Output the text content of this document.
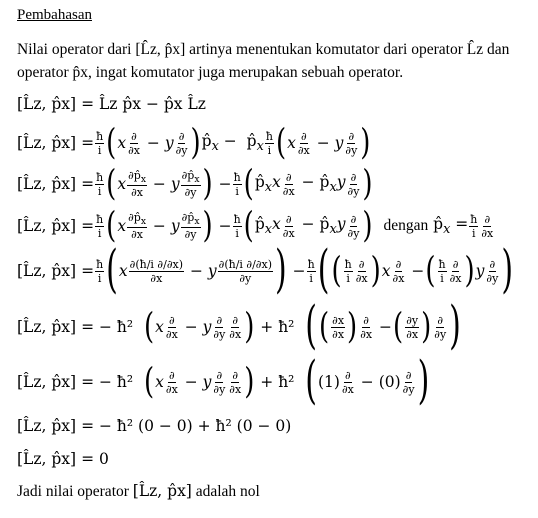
Pembahasan
Nilai operator dari [L̂z, p̂x] artinya menentukan komutator dari operator L̂z dan operator p̂x, ingat komutator juga merupakan sebuah operator.
[L̂z, p̂x] = L̂z p̂x − p̂x L̂z
[L̂z, p̂x] = $\frac{ħ}{i}$ ( x $\frac{\partial}{\partial x} - y \frac{\partial}{\partial y}$ ) $p̂_x$ −  $p̂_x \frac{ħ}{i}$ ( x $\frac{\partial}{\partial x} - y \frac{\partial}{\partial y}$ )
[L̂z, p̂x] = $\frac{ħ}{i}$ ( x $\frac{\partial p̂_x}{\partial x} - y \frac{\partial p̂_x}{\partial y}$ ) − $\frac{ħ}{i}$ ( $p̂_xx \frac{\partial}{\partial x}$ − $p̂_xy \frac{\partial}{\partial y}$ )
[L̂z, p̂x] = $\frac{ħ}{i}$ ( x $\frac{\partial p̂_x}{\partial x} - y \frac{\partial p̂_x}{\partial y}$ ) − $\frac{ħ}{i}$ ( $p̂_xx \frac{\partial}{\partial x}$ − $p̂_xy \frac{\partial}{\partial y}$ )
dengan $p̂_x = \frac{ħ}{i} \frac{\partial}{\partial x}$
[L̂z, p̂x] = $\frac{ħ}{i}$ ( x $\frac{\partial(ħ/i \partial/\partial x)}{\partial x} - y \frac{\partial(ħ/i \partial/\partial x)}{\partial y}$ ) − $\frac{ħ}{i}$ ( ( $\frac{ħ}{i} \frac{\partial}{\partial x}$ ) x $\frac{\partial}{\partial x}$ − ( $\frac{ħ}{i} \frac{\partial}{\partial x}$ ) y $\frac{\partial}{\partial y}$ )
[L̂z, p̂x] = − ħ² ( x $\frac{\partial}{\partial x} - y \frac{\partial}{\partial y} \frac{\partial}{\partial x}$ ) + ħ² ( ( $\frac{\partial x}{\partial x}$ ) $\frac{\partial}{\partial x}$ − ( $\frac{\partial y}{\partial x}$ ) $\frac{\partial}{\partial y}$ )
[L̂z, p̂x] = − ħ² ( x $\frac{\partial}{\partial x} - y \frac{\partial}{\partial y} \frac{\partial}{\partial x}$ ) + ħ² ( $(1) \frac{\partial}{\partial x} - (0) \frac{\partial}{\partial y}$ )
[L̂z, p̂x] = − ħ² (0 − 0) + ħ² (0 − 0)
[L̂z, p̂x] = 0
Jadi nilai operator [L̂z, p̂x] adalah nol
